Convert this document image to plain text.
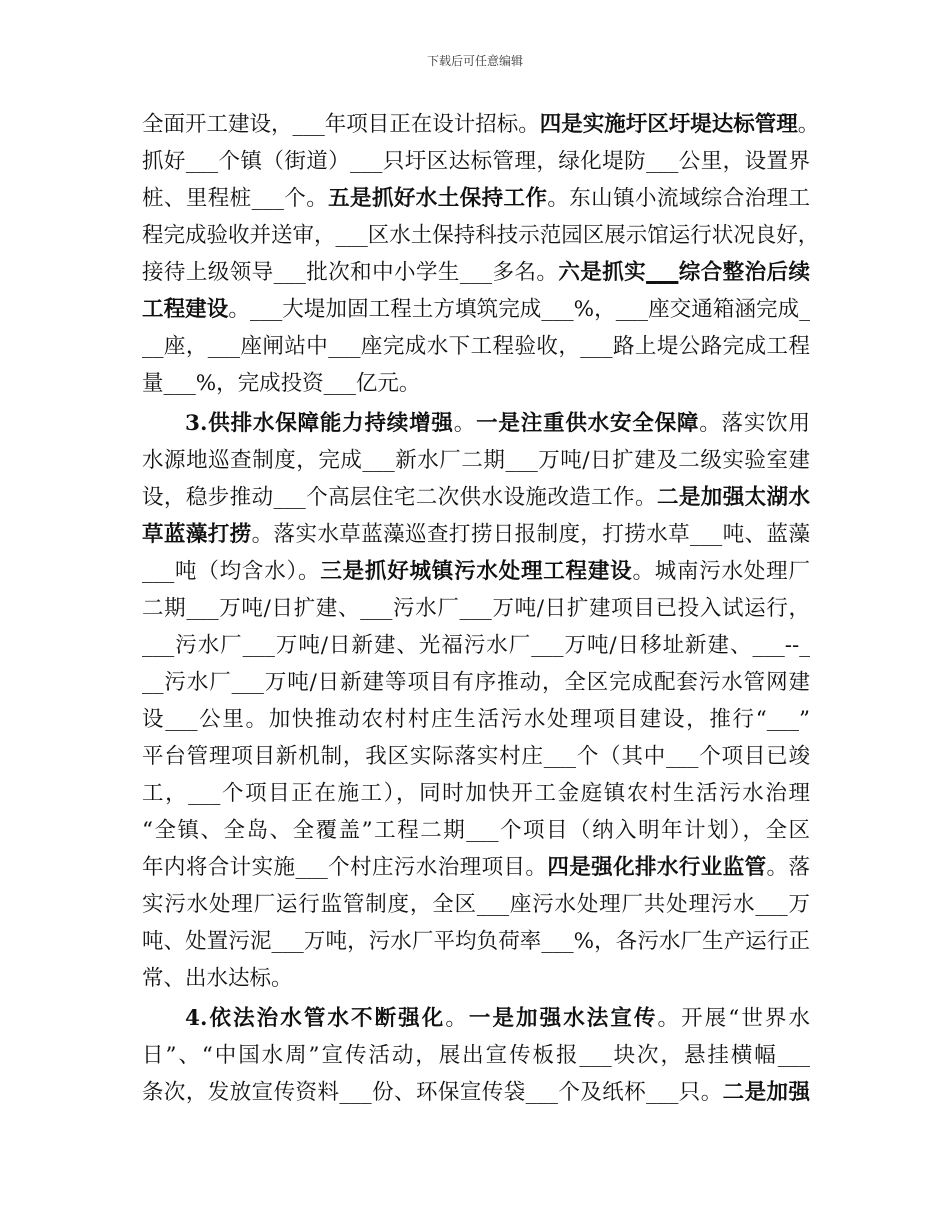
下载后可任意编辑
全面开工建设，___年项目正在设计招标。四是实施圩区圩堤达标管理。
抓好___个镇（街道）___只圩区达标管理，绿化堤防___公里，设置界
桩、里程桩___个。五是抓好水土保持工作。东山镇小流域综合治理工
程完成验收并送审，___区水土保持科技示范园区展示馆运行状况良好，
接待上级领导___批次和中小学生___多名。六是抓实___综合整治后续
工程建设。___大堤加固工程土方填筑完成___%，___座交通箱涵完成_
__座，___座闸站中___座完成水下工程验收，___路上堤公路完成工程
量___%，完成投资___亿元。
3.供排水保障能力持续增强。一是注重供水安全保障。落实饮用
水源地巡查制度，完成___新水厂二期___万吨/日扩建及二级实验室建
设，稳步推动___个高层住宅二次供水设施改造工作。二是加强太湖水
草蓝藻打捞。落实水草蓝藻巡查打捞日报制度，打捞水草___吨、蓝藻
___吨（均含水）。三是抓好城镇污水处理工程建设。城南污水处理厂
二期___万吨/日扩建、___污水厂___万吨/日扩建项目已投入试运行，
___污水厂___万吨/日新建、光福污水厂___万吨/日移址新建、___--_
__污水厂___万吨/日新建等项目有序推动，全区完成配套污水管网建
设___公里。加快推动农村村庄生活污水处理项目建设，推行“___”
平台管理项目新机制，我区实际落实村庄___个（其中___个项目已竣
工，___个项目正在施工），同时加快开工金庭镇农村生活污水治理
“全镇、全岛、全覆盖”工程二期___个项目（纳入明年计划），全区
年内将合计实施___个村庄污水治理项目。四是强化排水行业监管。落
实污水处理厂运行监管制度，全区___座污水处理厂共处理污水___万
吨、处置污泥___万吨，污水厂平均负荷率___%，各污水厂生产运行正
常、出水达标。
4.依法治水管水不断强化。一是加强水法宣传。开展“世界水
日”、“中国水周”宣传活动，展出宣传板报___块次，悬挂横幅___
条次，发放宣传资料___份、环保宣传袋___个及纸杯___只。二是加强
